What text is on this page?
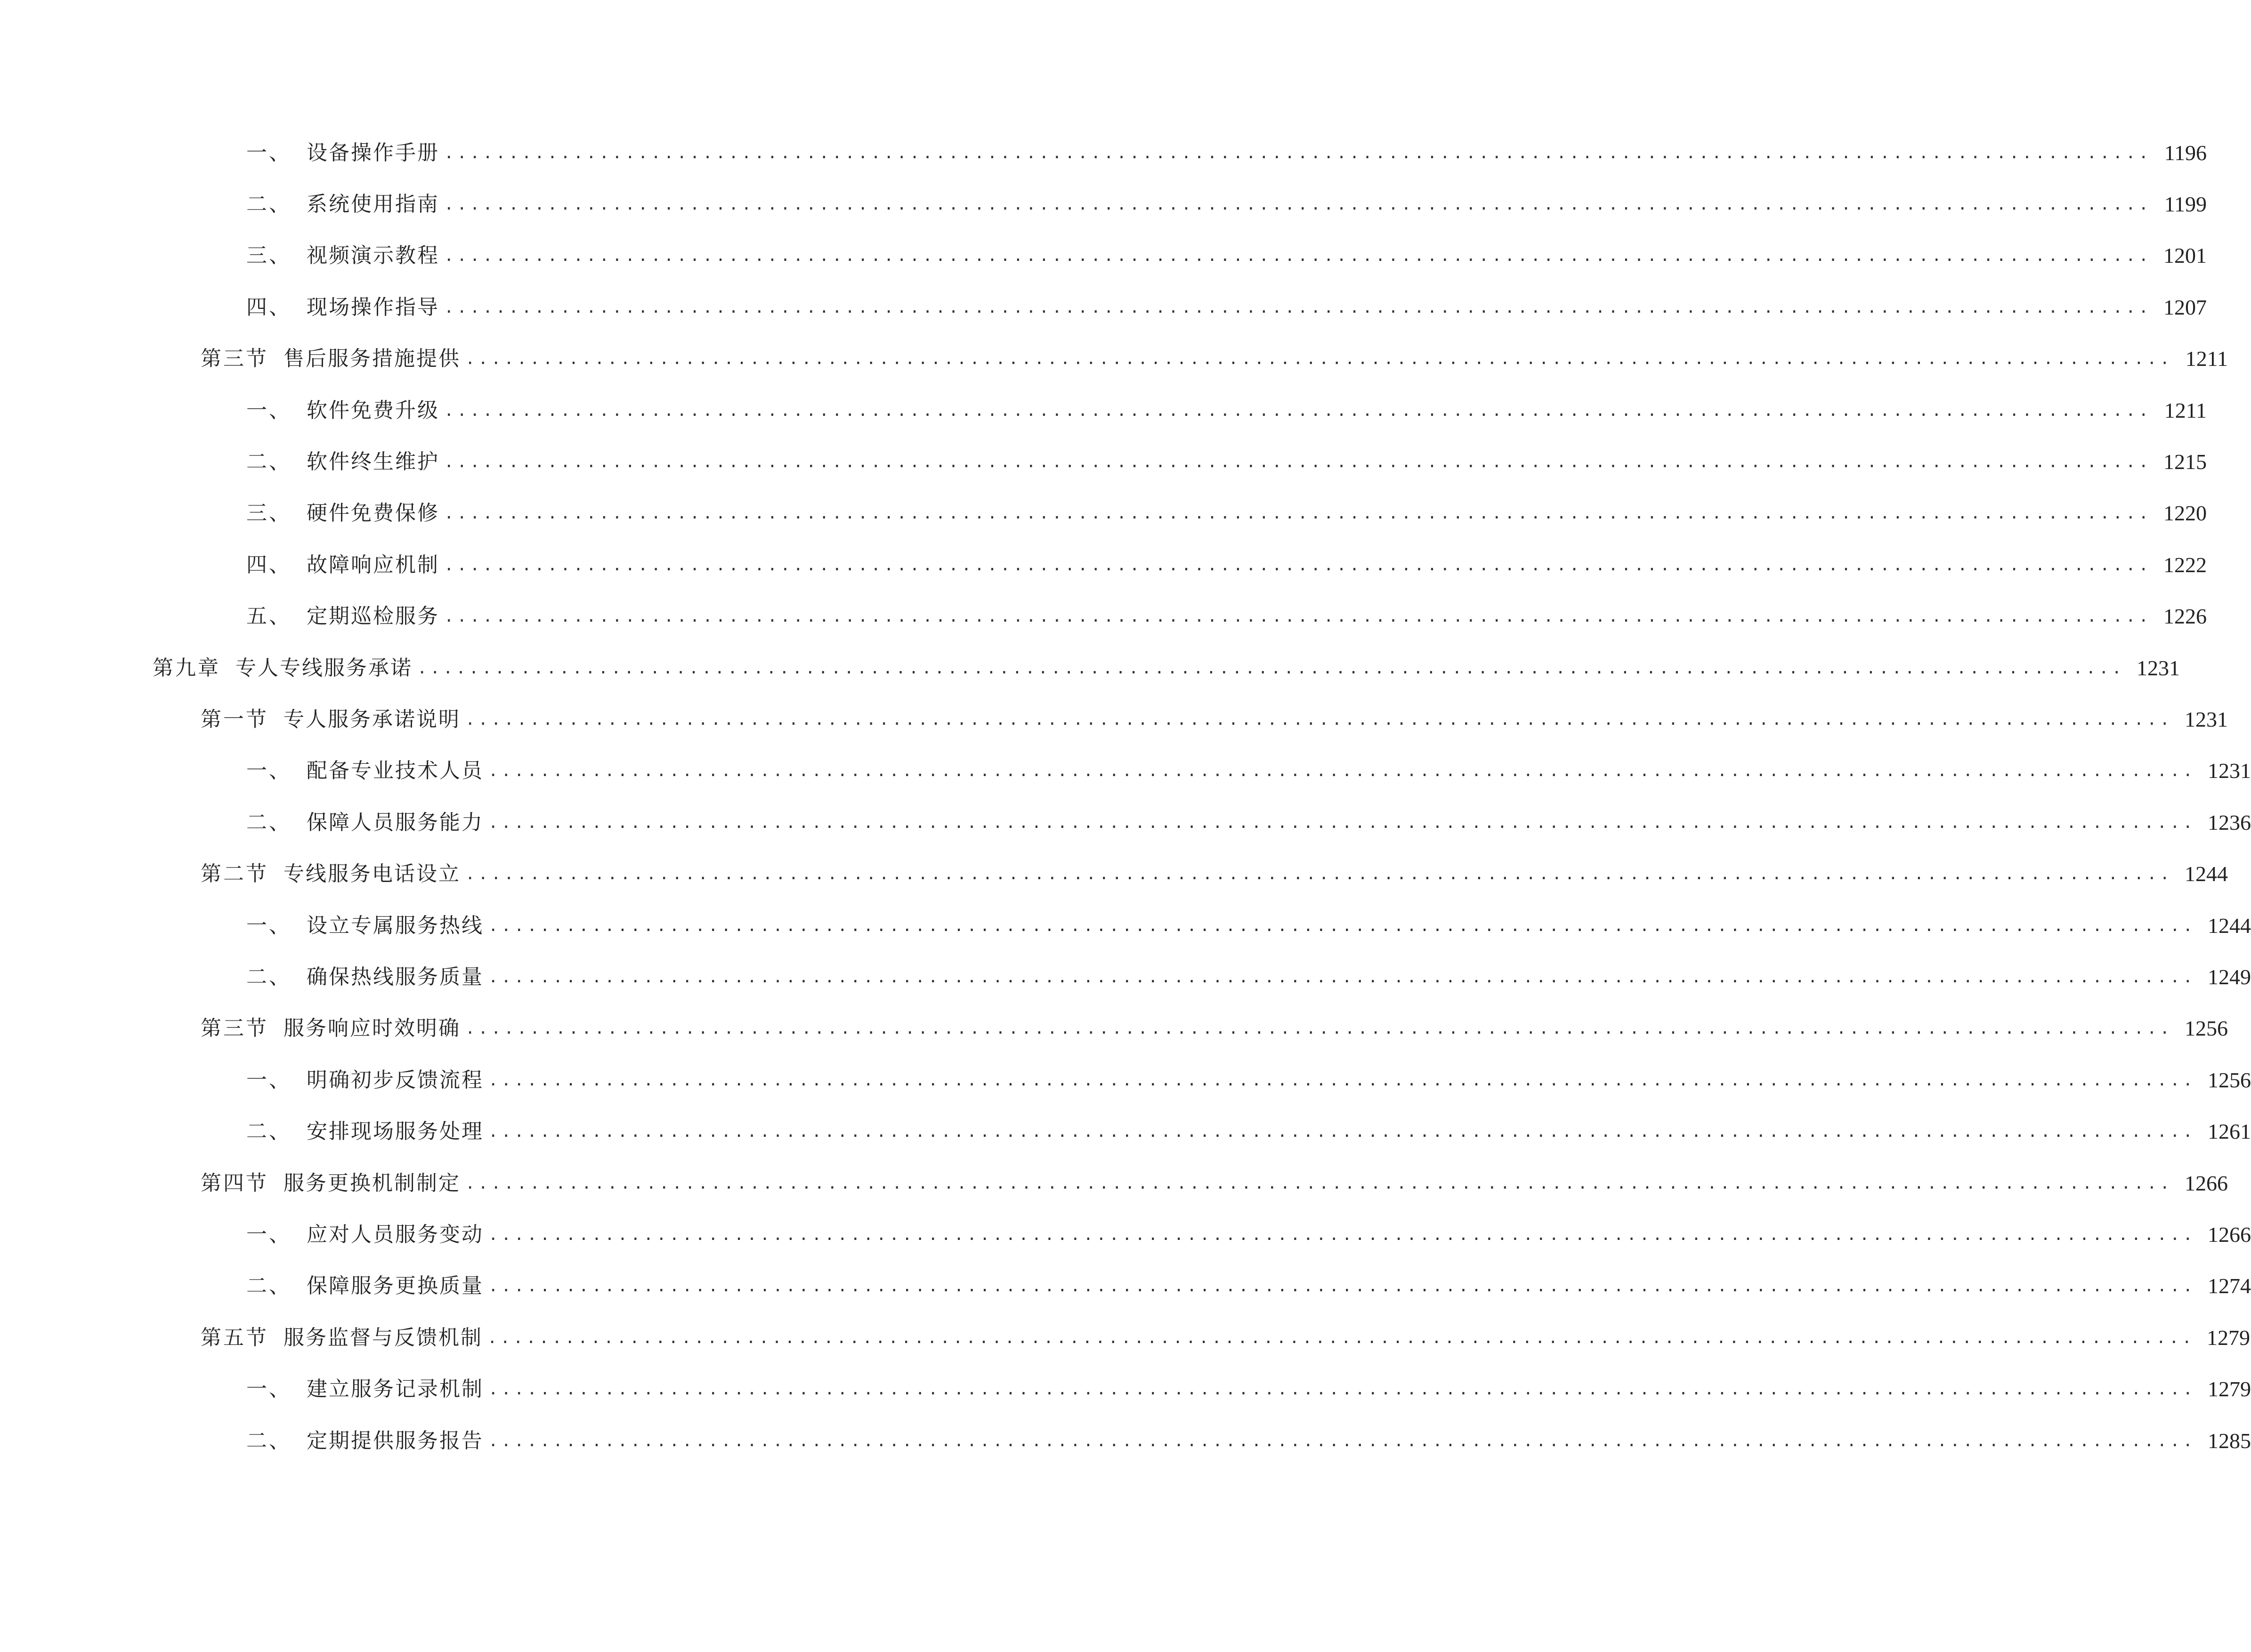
一、 设备操作手册 .................................................................................................................................... 1196
二、 系统使用指南 .................................................................................................................................... 1199
三、 视频演示教程 .................................................................................................................................... 1201
四、 现场操作指导 .................................................................................................................................... 1207
第三节 售后服务措施提供 .................................................................................................................................... 1211
一、 软件免费升级 .................................................................................................................................... 1211
二、 软件终生维护 .................................................................................................................................... 1215
三、 硬件免费保修 .................................................................................................................................... 1220
四、 故障响应机制 .................................................................................................................................... 1222
五、 定期巡检服务 .................................................................................................................................... 1226
第九章 专人专线服务承诺 .................................................................................................................................... 1231
第一节 专人服务承诺说明 .................................................................................................................................... 1231
一、 配备专业技术人员 .................................................................................................................................... 1231
二、 保障人员服务能力 .................................................................................................................................... 1236
第二节 专线服务电话设立 .................................................................................................................................... 1244
一、 设立专属服务热线 .................................................................................................................................... 1244
二、 确保热线服务质量 .................................................................................................................................... 1249
第三节 服务响应时效明确 .................................................................................................................................... 1256
一、 明确初步反馈流程 .................................................................................................................................... 1256
二、 安排现场服务处理 .................................................................................................................................... 1261
第四节 服务更换机制制定 .................................................................................................................................... 1266
一、 应对人员服务变动 .................................................................................................................................... 1266
二、 保障服务更换质量 .................................................................................................................................... 1274
第五节 服务监督与反馈机制 .................................................................................................................................... 1279
一、 建立服务记录机制 .................................................................................................................................... 1279
二、 定期提供服务报告 .................................................................................................................................... 1285
